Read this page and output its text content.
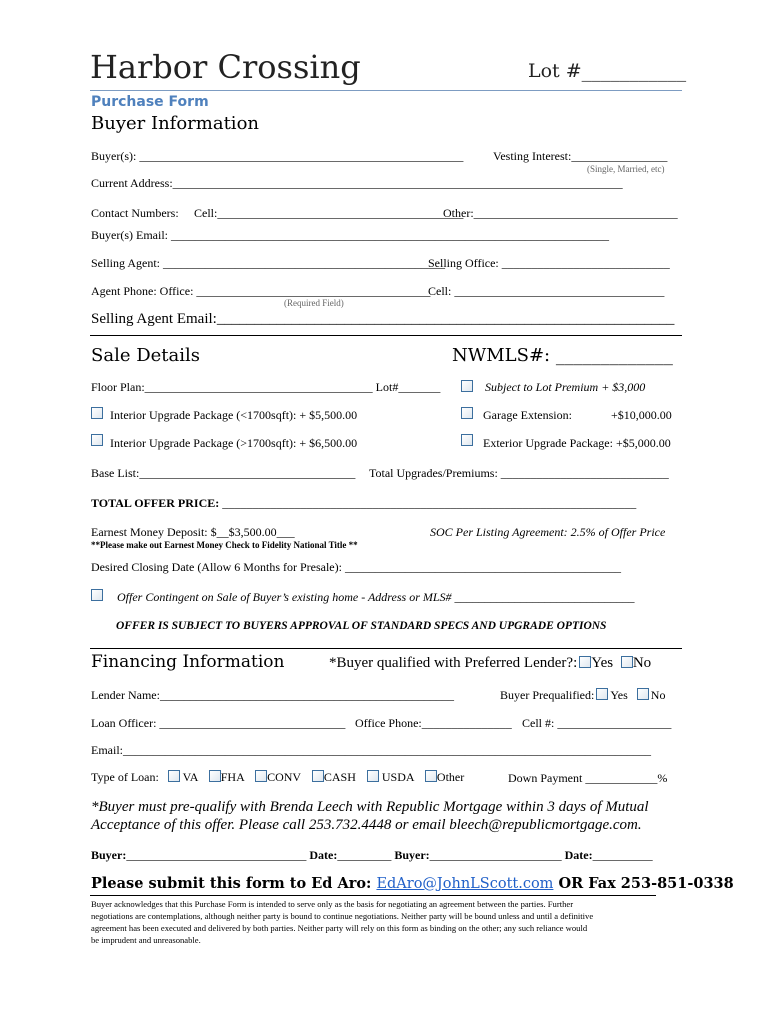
Harbor Crossing	Lot #___________
Purchase Form
Buyer Information
Buyer(s): ______________________________________________________ Vesting Interest:________________
(Single, Married, etc)
Current Address:___________________________________________________________________________
Contact Numbers: Cell:_________________________________________
Other:__________________________________
Buyer(s) Email: _________________________________________________________________________
Selling Agent: _______________________________________________
Selling Office: ____________________________
Agent Phone: Office: _______________________________________
Cell: ___________________________________
(Required Field)
Selling Agent Email:_____________________________________________________________
Sale Details	NWMLS#: _____________
Floor Plan:______________________________________ Lot#_______	Subject to Lot Premium + $3,000
Interior Upgrade Package (<1700sqft): + $5,500.00	Garage Extension:	+$10,000.00
Interior Upgrade Package (>1700sqft): + $6,500.00	Exterior Upgrade Package: +$5,000.00
Base List:____________________________________ Total Upgrades/Premiums: ____________________________
TOTAL OFFER PRICE: _____________________________________________________________________
Earnest Money Deposit: $__$3,500.00___	SOC Per Listing Agreement: 2.5% of Offer Price
**Please make out Earnest Money Check to Fidelity National Title **
Desired Closing Date (Allow 6 Months for Presale): ______________________________________________
Offer Contingent on Sale of Buyer’s existing home - Address or MLS# ______________________________
OFFER IS SUBJECT TO BUYERS APPROVAL OF STANDARD SPECS AND UPGRADE OPTIONS
Financing Information	*Buyer qualified with Preferred Lender?: Yes No
Lender Name:_________________________________________________	Buyer Prequalified: Yes No
Loan Officer: _______________________________ Office Phone:_______________ Cell #: ___________________
Email:________________________________________________________________________________________
Type of Loan: VA FHA CONV CASH USDA Other	Down Payment ____________%
*Buyer must pre-qualify with Brenda Leech with Republic Mortgage within 3 days of Mutual
Acceptance of this offer. Please call 253.732.4448 or email bleech@republicmortgage.com.
Buyer:______________________________ Date:_________ Buyer:______________________ Date:__________
Please submit this form to Ed Aro: EdAro@JohnLScott.com OR Fax 253-851-0338
Buyer acknowledges that this Purchase Form is intended to serve only as the basis for negotiating an agreement between the parties. Further
negotiations are contemplations, although neither party is bound to continue negotiations. Neither party will be bound unless and until a definitive
agreement has been executed and delivered by both parties. Neither party will rely on this form as binding on the other; any such reliance would
be imprudent and unreasonable.
